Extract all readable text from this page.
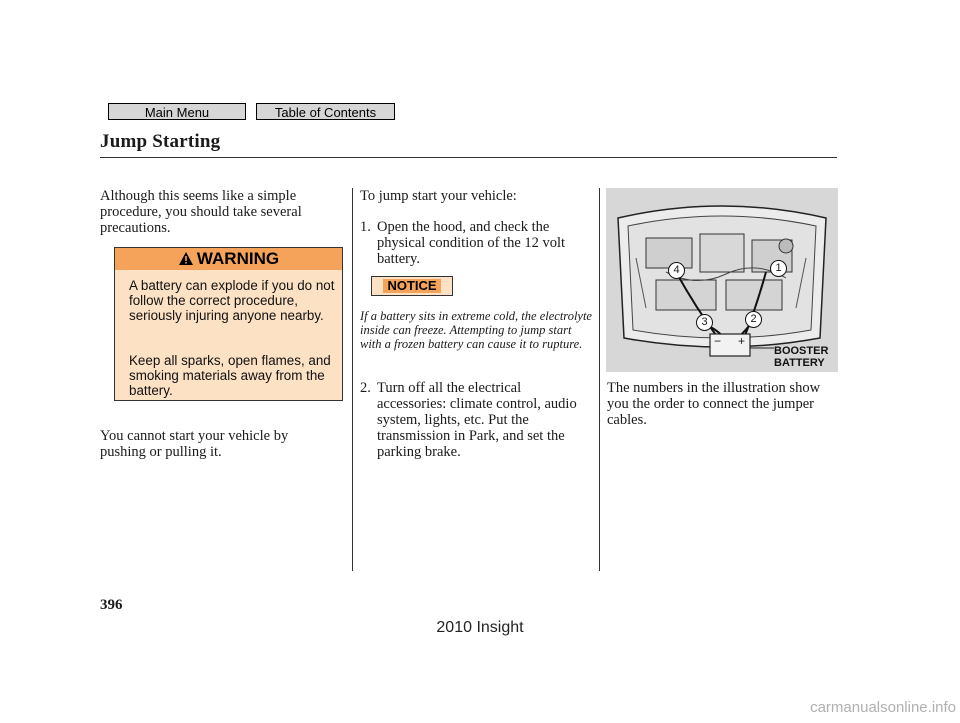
Main Menu	Table of Contents
Jump Starting
Although this seems like a simple procedure, you should take several precautions.
WARNING
A battery can explode if you do not follow the correct procedure, seriously injuring anyone nearby.
Keep all sparks, open flames, and smoking materials away from the battery.
You cannot start your vehicle by pushing or pulling it.
To jump start your vehicle:
1. Open the hood, and check the physical condition of the 12 volt battery.
NOTICE
If a battery sits in extreme cold, the electrolyte inside can freeze. Attempting to jump start with a frozen battery can cause it to rupture.
2. Turn off all the electrical accessories: climate control, audio system, lights, etc. Put the transmission in Park, and set the parking brake.
4	1
3	2
− +
BOOSTER BATTERY
The numbers in the illustration show you the order to connect the jumper cables.
396
2010 Insight
carmanualsonline.info
